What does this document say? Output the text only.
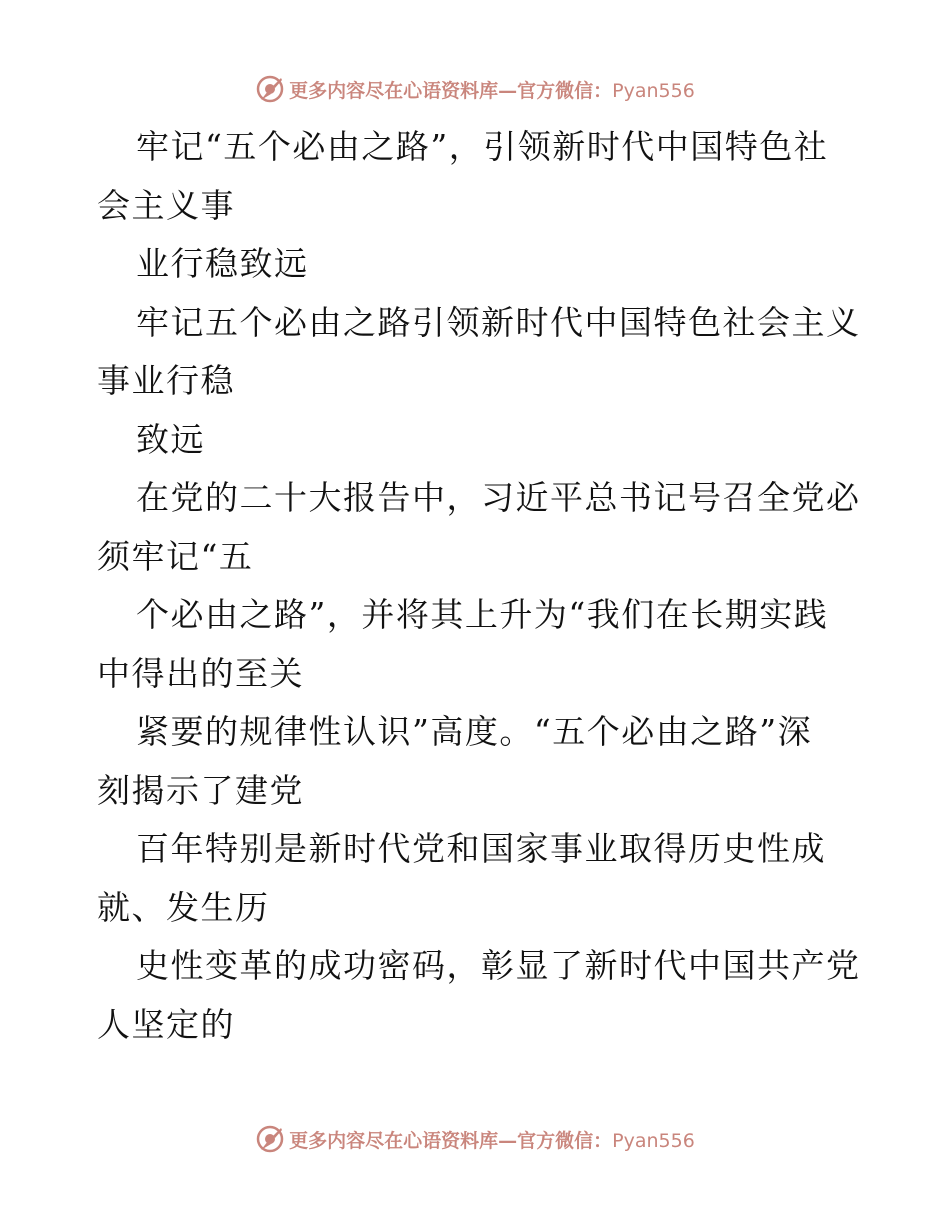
更多内容尽在心语资料库—官方微信：Pyan556
牢记“五个必由之路”，引领新时代中国特色社
会主义事
业行稳致远
牢记五个必由之路引领新时代中国特色社会主义
事业行稳
致远
在党的二十大报告中，习近平总书记号召全党必
须牢记“五
个必由之路”，并将其上升为“我们在长期实践
中得出的至关
紧要的规律性认识”高度。“五个必由之路”深
刻揭示了建党
百年特别是新时代党和国家事业取得历史性成
就、发生历
史性变革的成功密码，彰显了新时代中国共产党
人坚定的
更多内容尽在心语资料库—官方微信：Pyan556
